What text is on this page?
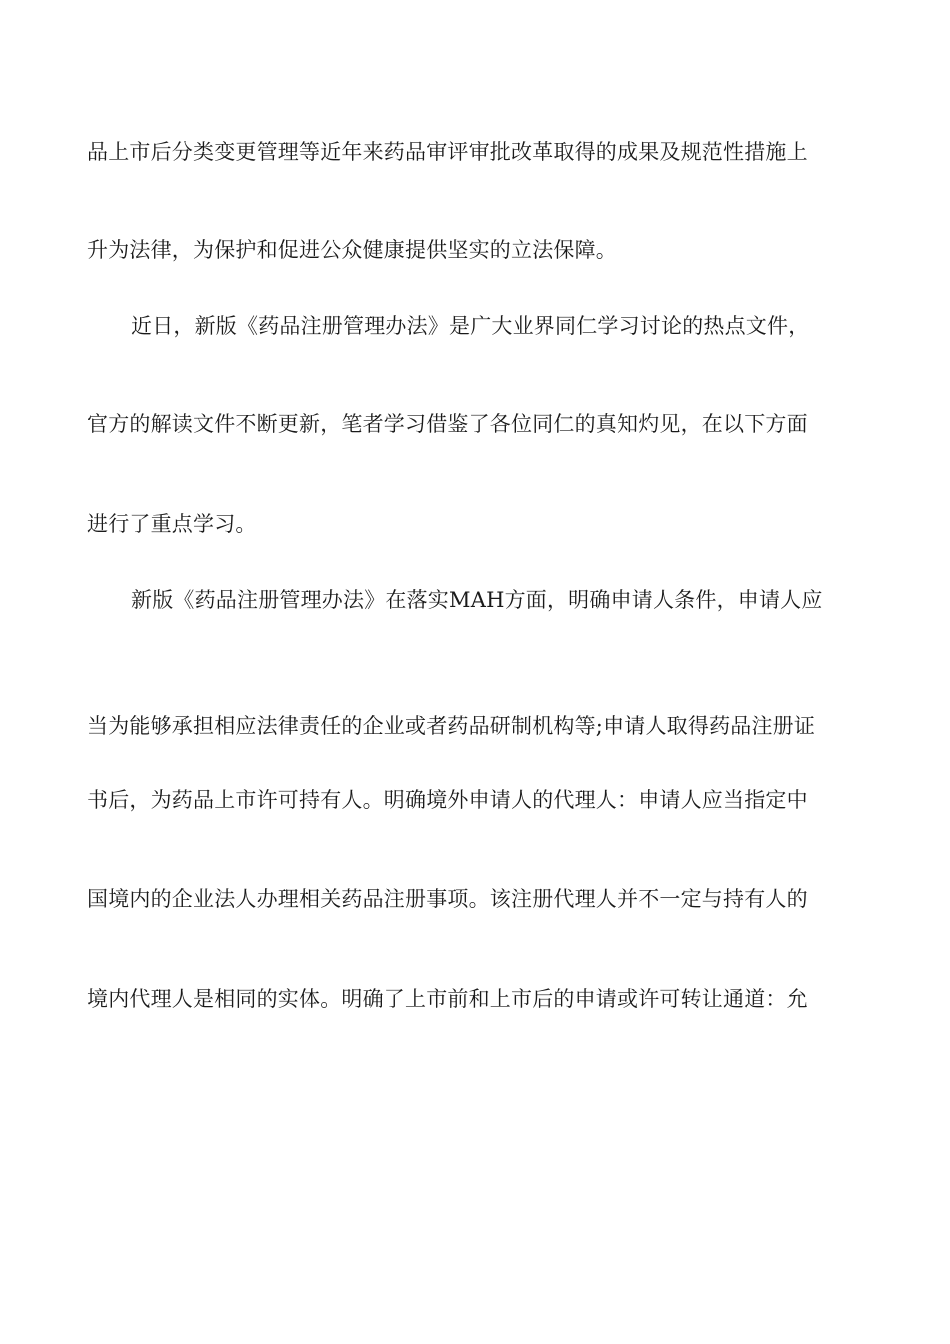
品上市后分类变更管理等近年来药品审评审批改革取得的成果及规范性措施上
升为法律，为保护和促进公众健康提供坚实的立法保障。
近日，新版《药品注册管理办法》是广大业界同仁学习讨论的热点文件，
官方的解读文件不断更新，笔者学习借鉴了各位同仁的真知灼见，在以下方面
进行了重点学习。
新版《药品注册管理办法》在落实MAH方面，明确申请人条件，申请人应
当为能够承担相应法律责任的企业或者药品研制机构等;申请人取得药品注册证
书后，为药品上市许可持有人。明确境外申请人的代理人：申请人应当指定中
国境内的企业法人办理相关药品注册事项。该注册代理人并不一定与持有人的
境内代理人是相同的实体。明确了上市前和上市后的申请或许可转让通道：允
